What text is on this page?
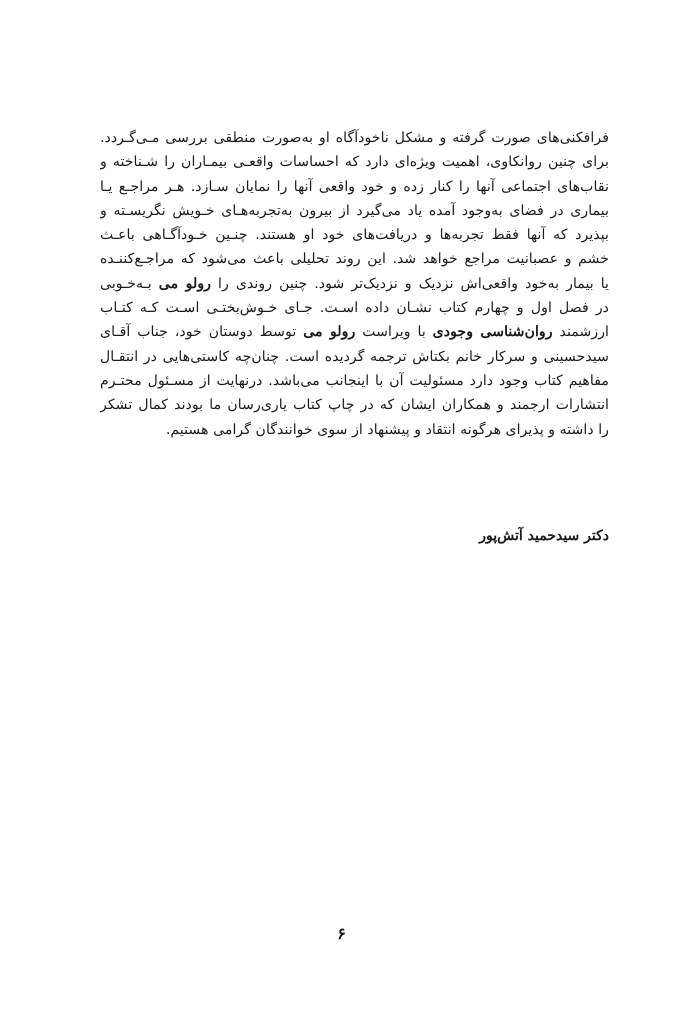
فرافکنی‌های صورت گرفته و مشکل ناخودآگاه او به‌صورت منطقی بررسی مـی‌گـردد.
برای چنین روانکاوی، اهمیت ویژه‌ای دارد که احساسات واقعـی بیمـاران را شـناخته و
نقاب‌های اجتماعی آنها را کنار زده و خود واقعی آنها را نمایان سـازد. هـر مراجـع یـا
بیماری در فضای به‌وجود آمده یاد می‌گیرد از بیرون به‌تجربه‌هـای خـویش نگریسـته و
بپذیرد که آنها فقط تجربه‌ها و دریافت‌های خود او هستند. چنـین خـودآگـاهی باعـث
خشم و عصبانیت مراجع خواهد شد. این روند تحلیلی باعث می‌شود که مراجـع‌کننـده
یا بیمار به‌خود واقعی‌اش نزدیک و نزدیک‌تر شود. چنین روندی را رولو می بـه‌خـوبی
در فصل اول و چهارم کتاب نشـان داده اسـت. جـای خـوش‌بختـی اسـت کـه کتـاب
ارزشمند روان‌شناسی وجودی با ویراست رولو می توسط دوستان خود، جناب آقـای
سیدحسینی و سرکار خانم بکتاش ترجمه گردیده است. چنان‌چه کاستی‌هایی در انتقـال
مفاهیم کتاب وجود دارد مسئولیت آن با اینجانب می‌باشد. درنهایت از مسـئول محتـرم
انتشارات ارجمند و همکاران ایشان که در چاپ کتاب یاری‌رسان ما بودند کمال تشکر
را داشته و پذیرای هرگونه انتقاد و پیشنهاد از سوی خوانندگان گرامی هستیم.
دکتر سیدحمید آتش‌پور
۶
